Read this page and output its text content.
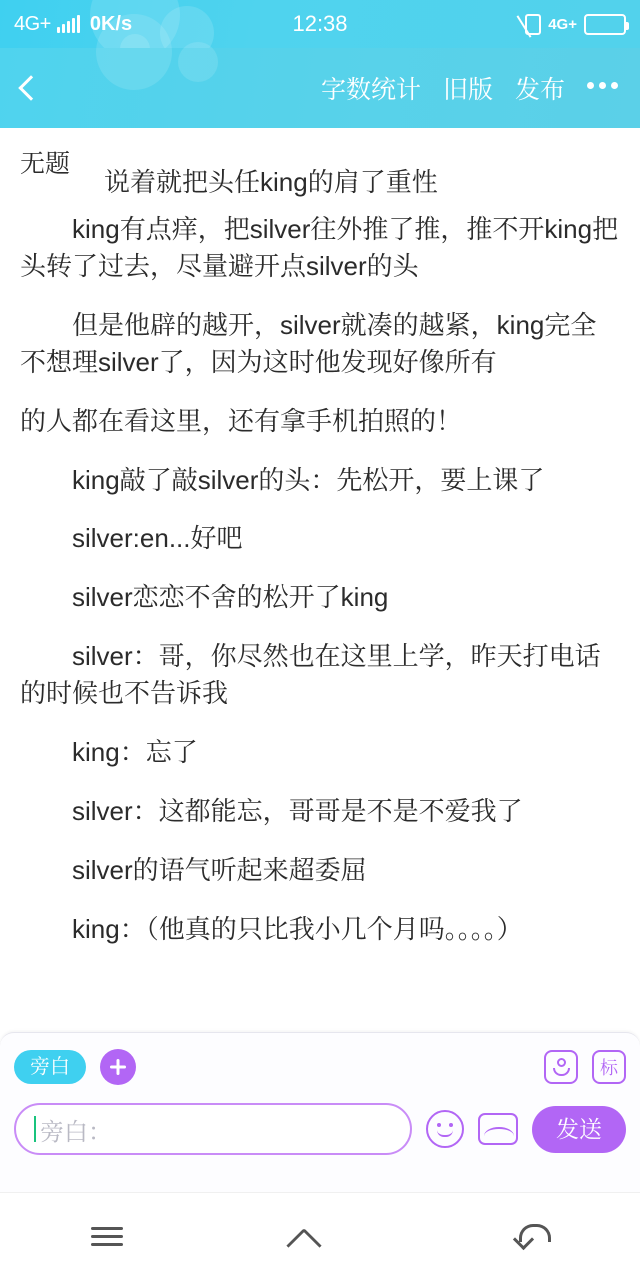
4G+ 0K/s	12:38	4G+
字数统计 旧版 发布
无题
说着就把头任king的肩了重性

king有点痒，把silver往外推了推，推不开king把头转了过去，尽量避开点silver的头

但是他辟的越开，silver就凑的越紧，king完全不想理silver了，因为这时他发现好像所有

的人都在看这里，还有拿手机拍照的！

king敲了敲silver的头：先松开，要上课了

silver:en...好吧

silver恋恋不舍的松开了king

silver：哥，你尽然也在这里上学，昨天打电话的时候也不告诉我

king：忘了

silver：这都能忘，哥哥是不是不爱我了

silver的语气听起来超委屈

king：（他真的只比我小几个月吗。。。。）

旁白	标
旁白：	发送
